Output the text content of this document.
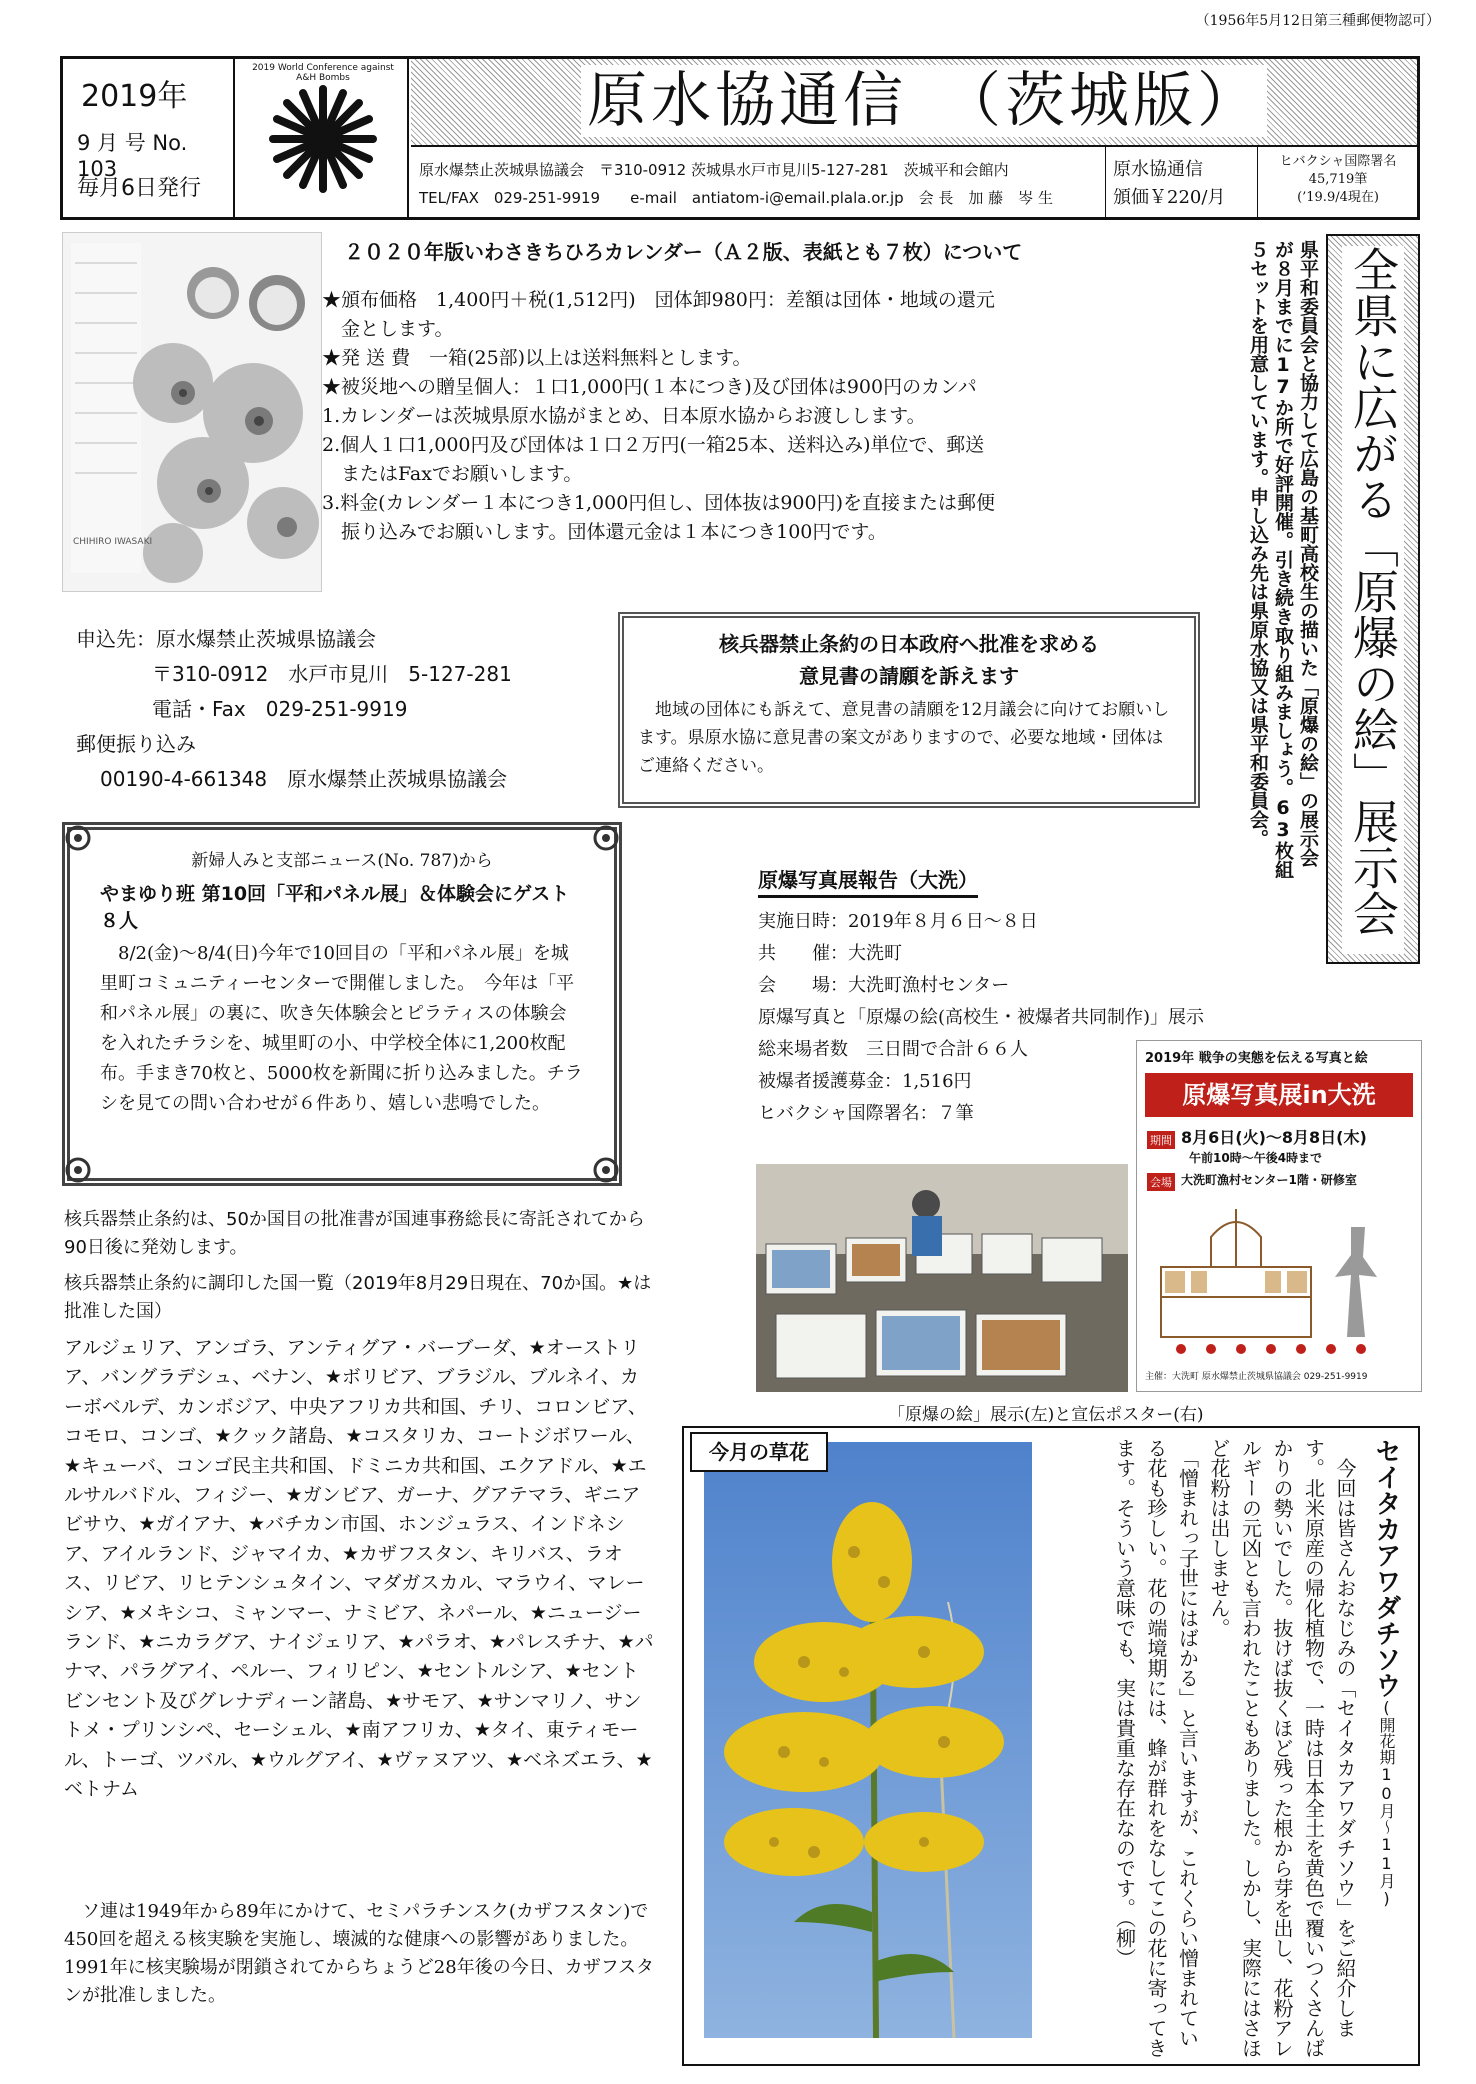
（1956年5月12日第三種郵便物認可）
2019年
9 月 号 No. 103
毎月6日発行
2019 World Conference against A&H Bombs	原水協通信　（茨城版）
原水爆禁止茨城県協議会　〒310-0912 茨城県水戸市見川5-127-281　茨城平和会館内
TEL/FAX　029-251-9919　　e-mail　antiatom-i@email.plala.or.jp　会 長　加 藤　岑 生
原水協通信
頒価￥220/月
ヒバクシャ国際署名
45,719筆
(’19.9/4現在)
CHIHIRO IWASAKI
２０２０年版いわさきちひろカレンダー（Ａ２版、表紙とも７枚）について
★頒布価格　1,400円＋税(1,512円)　団体卸980円：差額は団体・地域の還元
　金とします。
★発 送 費　一箱(25部)以上は送料無料とします。
★被災地への贈呈個人：１口1,000円(１本につき)及び団体は900円のカンパ
1.カレンダーは茨城県原水協がまとめ、日本原水協からお渡しします。
2.個人１口1,000円及び団体は１口２万円(一箱25本、送料込み)単位で、郵送
　またはFaxでお願いします。
3.料金(カレンダー１本につき1,000円但し、団体抜は900円)を直接または郵便
　振り込みでお願いします。団体還元金は１本につき100円です。
申込先：原水爆禁止茨城県協議会
〒310-0912　水戸市見川　5-127-281
電話・Fax　029-251-9919
郵便振り込み
00190-4-661348　原水爆禁止茨城県協議会
核兵器禁止条約の日本政府へ批准を求める
意見書の請願を訴えます
　地域の団体にも訴えて、意見書の請願を12月議会に向けてお願いします。県原水協に意見書の案文がありますので、必要な地域・団体はご連絡ください。	全県に広がる「原爆の絵」展示会
県平和委員会と協力して広島の基町高校生の描いた「原爆の絵」の展示会が８月までに17か所で好評開催。引き続き取り組みましょう。63枚組５セットを用意しています。申し込み先は県原水協又は県平和委員会。
新婦人みと支部ニュース(No. 787)から
やまゆり班 第10回「平和パネル展」＆体験会にゲスト８人
　8/2(金)～8/4(日)今年で10回目の「平和パネル展」を城里町コミュニティーセンターで開催しました。　今年は「平和パネル展」の裏に、吹き矢体験会とピラティスの体験会を入れたチラシを、城里町の小、中学校全体に1,200枚配布。手まき70枚と、5000枚を新聞に折り込みました。チラシを見ての問い合わせが６件あり、嬉しい悲鳴でした。
原爆写真展報告（大洗）
実施日時：2019年８月６日～８日
共　　催：大洗町
会　　場：大洗町漁村センター
原爆写真と「原爆の絵(高校生・被爆者共同制作)」展示
総来場者数　三日間で合計６６人
被爆者援護募金：1,516円
ヒバクシャ国際署名：７筆
2019年 戦争の実態を伝える写真と絵
原爆写真展in大洗
期間 8月6日(火)～8月8日(木)
午前10時～午後4時まで
会場 大洗町漁村センター1階・研修室
主催：大洗町 原水爆禁止茨城県協議会 029-251-9919
「原爆の絵」展示(左)と宣伝ポスター(右)
核兵器禁止条約は、50か国目の批准書が国連事務総長に寄託されてから90日後に発効します。
核兵器禁止条約に調印した国一覧（2019年8月29日現在、70か国。★は批准した国）
アルジェリア、アンゴラ、アンティグア・バーブーダ、★オーストリア、バングラデシュ、ベナン、★ボリビア、ブラジル、ブルネイ、カーボベルデ、カンボジア、中央アフリカ共和国、チリ、コロンビア、コモロ、コンゴ、★クック諸島、★コスタリカ、コートジボワール、★キューバ、コンゴ民主共和国、ドミニカ共和国、エクアドル、★エルサルバドル、フィジー、★ガンビア、ガーナ、グアテマラ、ギニアビサウ、★ガイアナ、★バチカン市国、ホンジュラス、インドネシア、アイルランド、ジャマイカ、★カザフスタン、キリバス、ラオス、リビア、リヒテンシュタイン、マダガスカル、マラウイ、マレーシア、★メキシコ、ミャンマー、ナミビア、ネパール、★ニュージーランド、★ニカラグア、ナイジェリア、★パラオ、★パレスチナ、★パナマ、パラグアイ、ペルー、フィリピン、★セントルシア、★セントビンセント及びグレナディーン諸島、★サモア、★サンマリノ、サントメ・プリンシペ、セーシェル、★南アフリカ、★タイ、東ティモール、トーゴ、ツバル、★ウルグアイ、★ヴァヌアツ、★ベネズエラ、★ベトナム
　ソ連は1949年から89年にかけて、セミパラチンスク(カザフスタン)で450回を超える核実験を実施し、壊滅的な健康への影響がありました。1991年に核実験場が閉鎖されてからちょうど28年後の今日、カザフスタンが批准しました。
今月の草花	セイタカアワダチソウ(開花期10月～11月)
　今回は皆さんおなじみの「セイタカアワダチソウ」をご紹介します。北米原産の帰化植物で、一時は日本全土を黄色で覆いつくさんばかりの勢いでした。抜けば抜くほど残った根から芽を出し、花粉アレルギーの元凶とも言われたこともありました。しかし、実際にはさほど花粉は出しません。
　「憎まれっ子世にはばかる」と言いますが、これくらい憎まれている花も珍しい。花の端境期には、蜂が群れをなしてこの花に寄ってきます。そういう意味でも、実は貴重な存在なのです。（柳）
